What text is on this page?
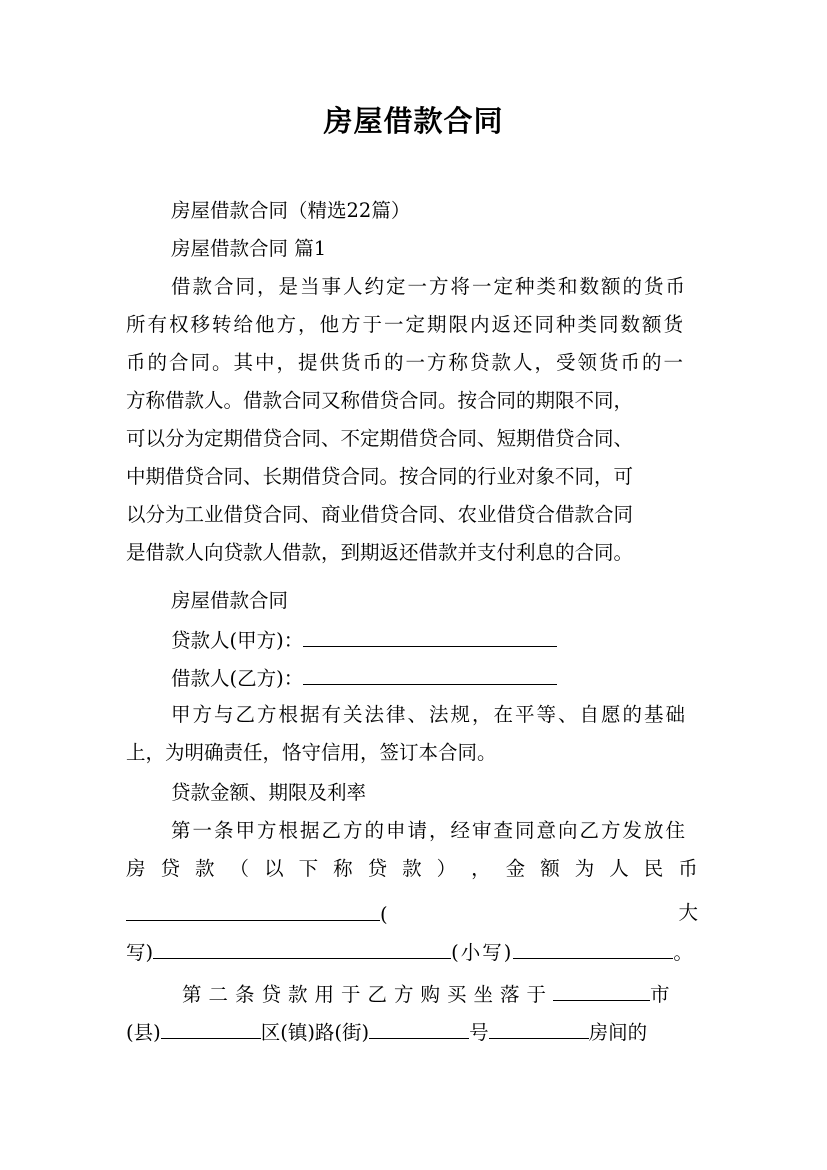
房屋借款合同
房屋借款合同（精选22篇）
房屋借款合同 篇1
借款合同，是当事人约定一方将一定种类和数额的货币
所有权移转给他方，他方于一定期限内返还同种类同数额货
币的合同。其中，提供货币的一方称贷款人，受领货币的一
方称借款人。借款合同又称借贷合同。按合同的期限不同，
可以分为定期借贷合同、不定期借贷合同、短期借贷合同、
中期借贷合同、长期借贷合同。按合同的行业对象不同，可
以分为工业借贷合同、商业借贷合同、农业借贷合借款合同
是借款人向贷款人借款，到期返还借款并支付利息的合同。
房屋借款合同
贷款人(甲方)：
借款人(乙方)：
甲方与乙方根据有关法律、法规，在平等、自愿的基础
上，为明确责任，恪守信用，签订本合同。
贷款金额、期限及利率
第一条甲方根据乙方的申请，经审查同意向乙方发放住
房 贷 款 （ 以 下 称 贷 款 ） ， 金 额 为 人 民 币
(	大
写)	(小写)	。
第二条贷款用于乙方购买坐落于	市
(县)	区(镇)路(街)	号	房间的
